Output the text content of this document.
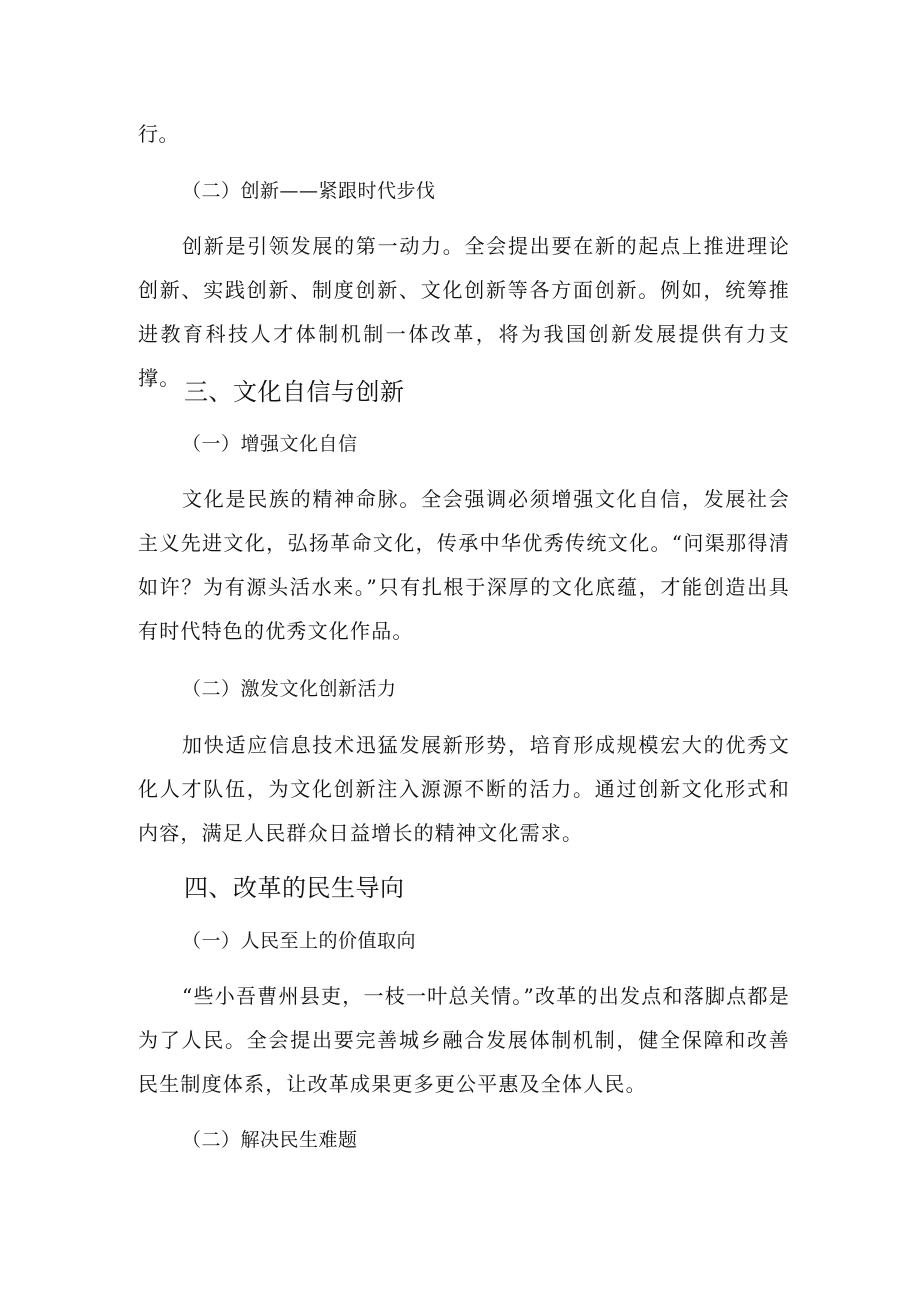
行。
（二）创新——紧跟时代步伐
创新是引领发展的第一动力。全会提出要在新的起点上推进理论创新、实践创新、制度创新、文化创新等各方面创新。例如，统筹推进教育科技人才体制机制一体改革，将为我国创新发展提供有力支撑。 三、文化自信与创新
（一）增强文化自信
文化是民族的精神命脉。全会强调必须增强文化自信，发展社会主义先进文化，弘扬革命文化，传承中华优秀传统文化。“问渠那得清如许？为有源头活水来。”只有扎根于深厚的文化底蕴，才能创造出具有时代特色的优秀文化作品。
（二）激发文化创新活力
加快适应信息技术迅猛发展新形势，培育形成规模宏大的优秀文化人才队伍，为文化创新注入源源不断的活力。通过创新文化形式和内容，满足人民群众日益增长的精神文化需求。
四、改革的民生导向
（一）人民至上的价值取向
“些小吾曹州县吏，一枝一叶总关情。”改革的出发点和落脚点都是为了人民。全会提出要完善城乡融合发展体制机制，健全保障和改善民生制度体系，让改革成果更多更公平惠及全体人民。
（二）解决民生难题
